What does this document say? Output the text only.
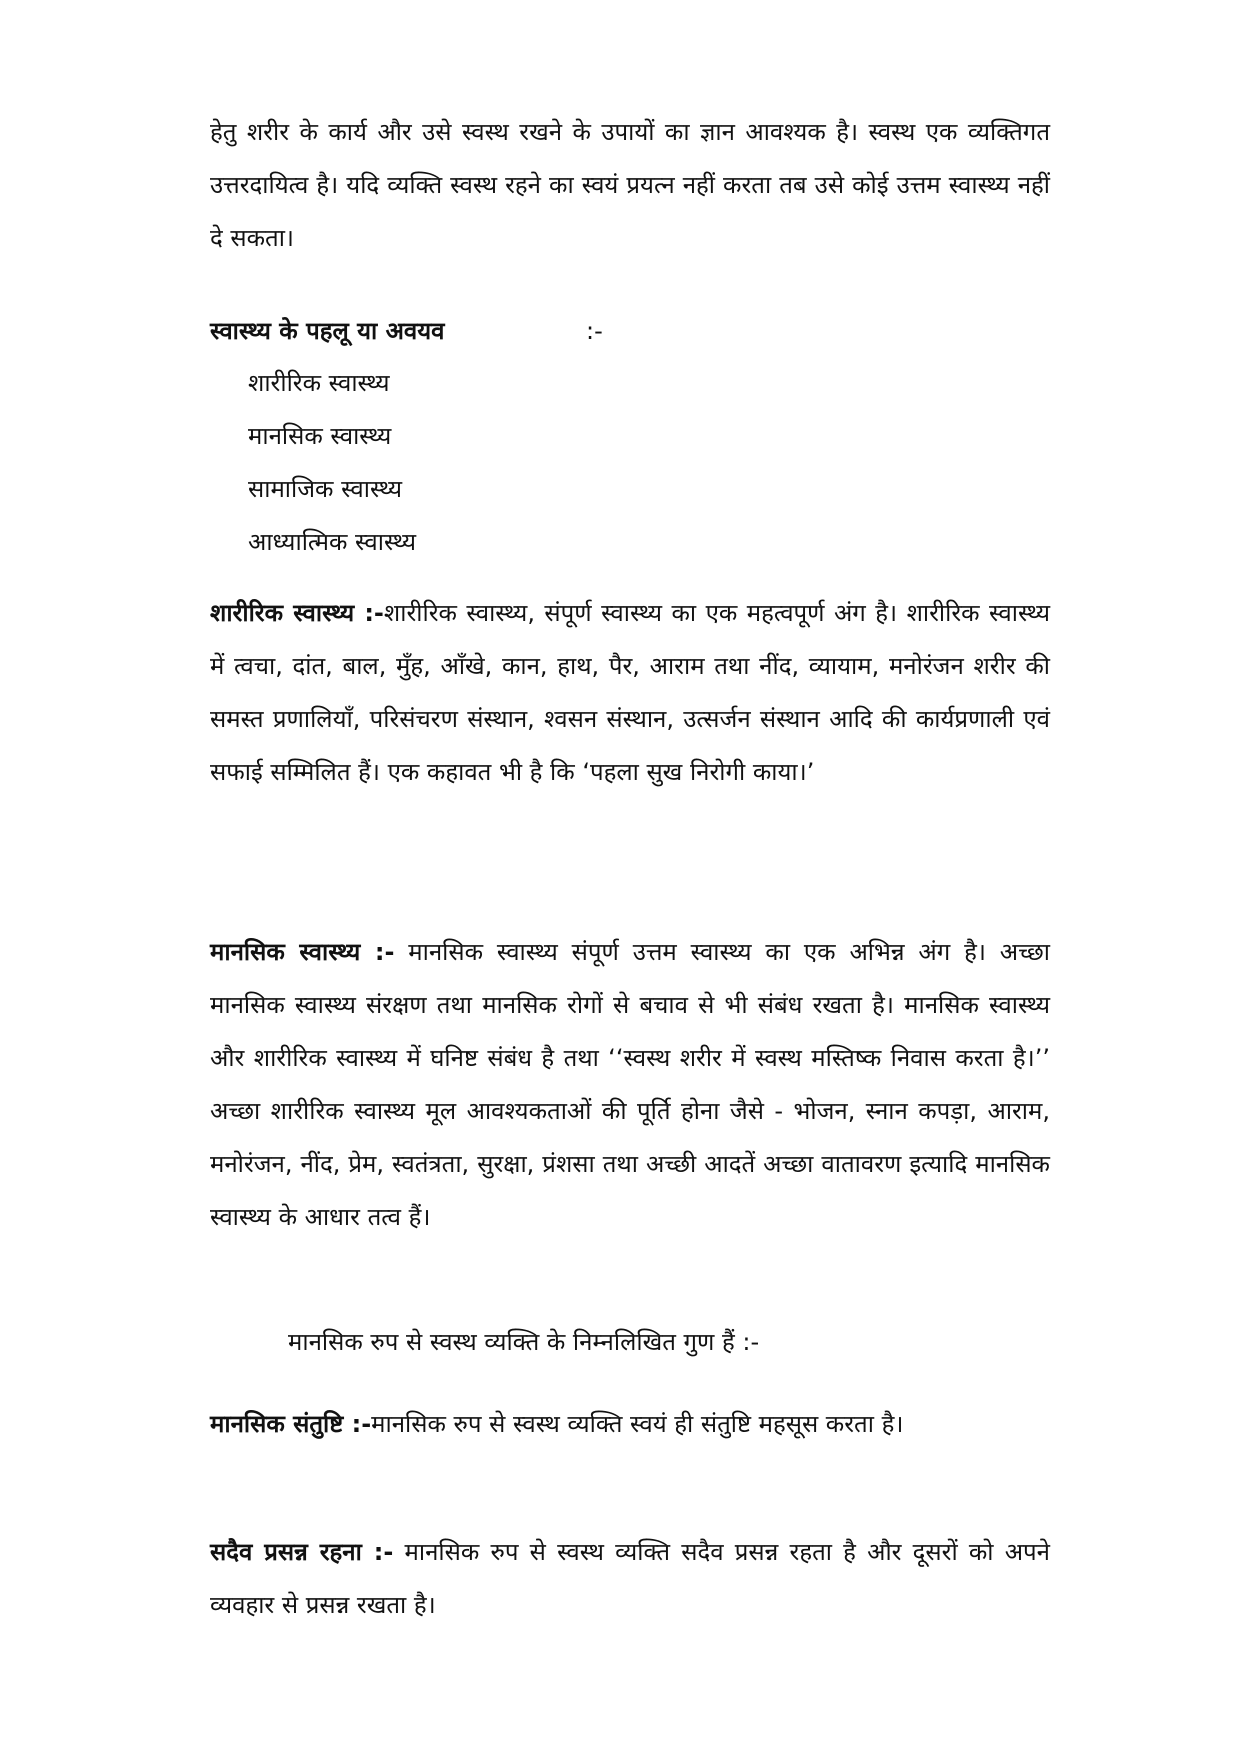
हेतु शरीर के कार्य और उसे स्वस्थ रखने के उपायों का ज्ञान आवश्यक है। स्वस्थ एक व्यक्तिगत उत्तरदायित्व है। यदि व्यक्ति स्वस्थ रहने का स्वयं प्रयत्न नहीं करता तब उसे कोई उत्तम स्वास्थ्य नहीं दे सकता।

स्वास्थ्य के पहलू या अवयव	:-
शारीरिक स्वास्थ्य
मानसिक स्वास्थ्य
सामाजिक स्वास्थ्य
आध्यात्मिक स्वास्थ्य

शारीरिक स्वास्थ्य :-शारीरिक स्वास्थ्य, संपूर्ण स्वास्थ्य का एक महत्वपूर्ण अंग है। शारीरिक स्वास्थ्य में त्वचा, दांत, बाल, मुँह, आँखे, कान, हाथ, पैर, आराम तथा नींद, व्यायाम, मनोरंजन शरीर की समस्त प्रणालियाँ, परिसंचरण संस्थान, श्वसन संस्थान, उत्सर्जन संस्थान आदि की कार्यप्रणाली एवं सफाई सम्मिलित हैं। एक कहावत भी है कि ‘पहला सुख निरोगी काया।’

मानसिक स्वास्थ्य :- मानसिक स्वास्थ्य संपूर्ण उत्तम स्वास्थ्य का एक अभिन्न अंग है। अच्छा मानसिक स्वास्थ्य संरक्षण तथा मानसिक रोगों से बचाव से भी संबंध रखता है। मानसिक स्वास्थ्य और शारीरिक स्वास्थ्य में घनिष्ट संबंध है तथा ‘‘स्वस्थ शरीर में स्वस्थ मस्तिष्क निवास करता है।’’ अच्छा शारीरिक स्वास्थ्य मूल आवश्यकताओं की पूर्ति होना जैसे - भोजन, स्नान कपड़ा, आराम, मनोरंजन, नींद, प्रेम, स्वतंत्रता, सुरक्षा, प्रंशसा तथा अच्छी आदतें अच्छा वातावरण इत्यादि मानसिक स्वास्थ्य के आधार तत्व हैं।

मानसिक रुप से स्वस्थ व्यक्ति के निम्नलिखित गुण हैं :-

मानसिक संतुष्टि :-मानसिक रुप से स्वस्थ व्यक्ति स्वयं ही संतुष्टि महसूस करता है।

सदैव प्रसन्न रहना :- मानसिक रुप से स्वस्थ व्यक्ति सदैव प्रसन्न रहता है और दूसरों को अपने व्यवहार से प्रसन्न रखता है।
